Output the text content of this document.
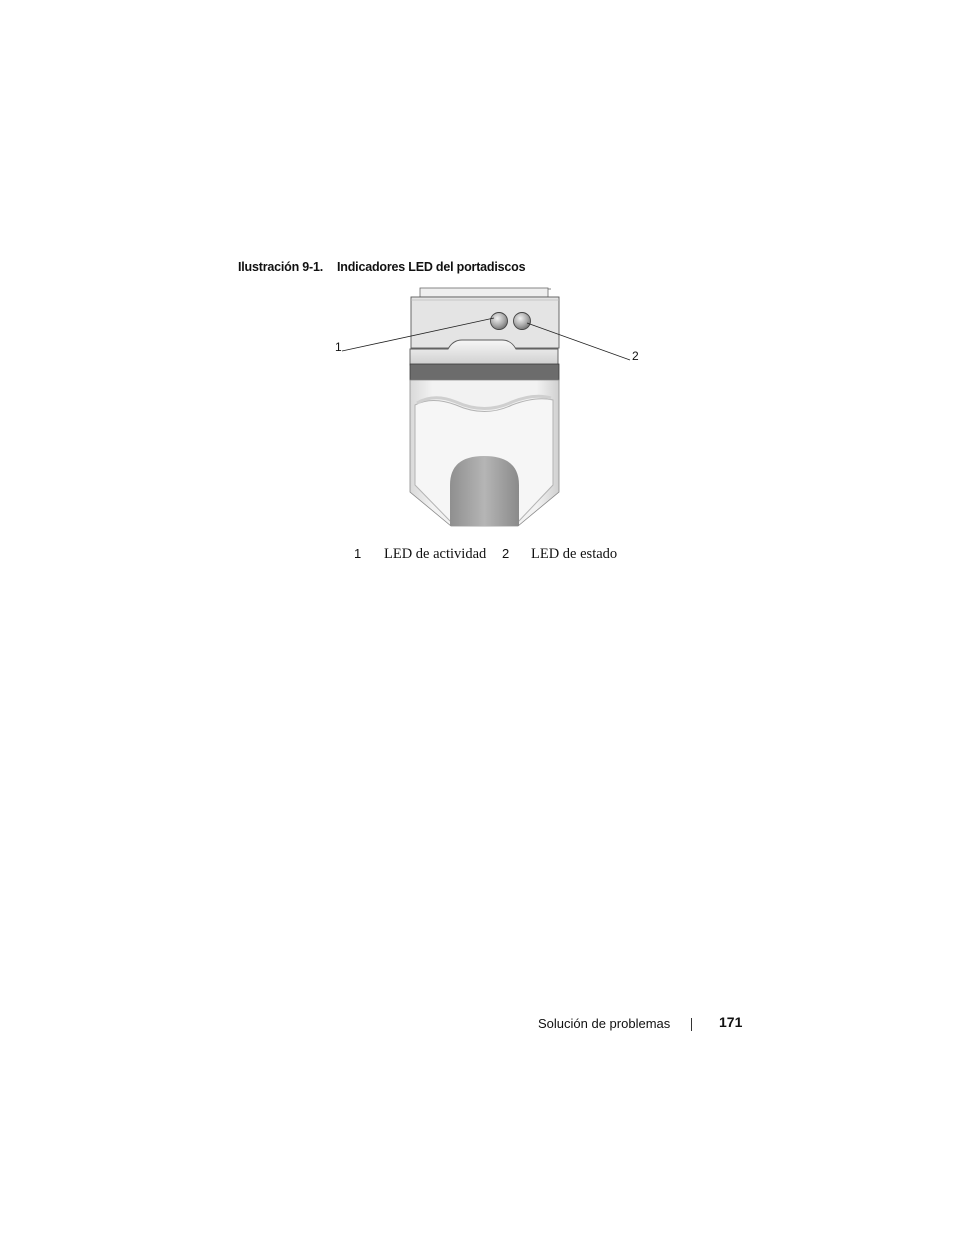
Ilustración 9-1. Indicadores LED del portadiscos
1
2
1 LED de actividad 2 LED de estado
Solución de problemas	171
